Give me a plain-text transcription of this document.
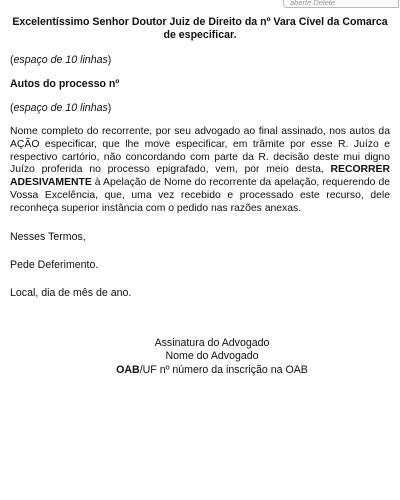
aberte Delete
Excelentíssimo Senhor Doutor Juiz de Direito da nº Vara Cível da Comarca
de especificar.

(espaço de 10 linhas)

Autos do processo nº

(espaço de 10 linhas)

Nome completo do recorrente, por seu advogado ao final assinado, nos autos da AÇÃO especificar, que lhe move especificar, em trâmite por esse R. Juízo e respectivo cartório, não concordando com parte da R. decisão deste mui digno Juízo proferida no processo epigrafado, vem, por meio desta, RECORRER ADESIVAMENTE à Apelação de Nome do recorrente da apelação, requerendo de Vossa Excelência, que, uma vez recebido e processado este recurso, dele reconheça superior instância com o pedido nas razões anexas.

Nesses Termos,

Pede Deferimento.

Local, dia de mês de ano.

Assinatura do Advogado

Nome do Advogado

OAB/UF nº número da inscrição na OAB
